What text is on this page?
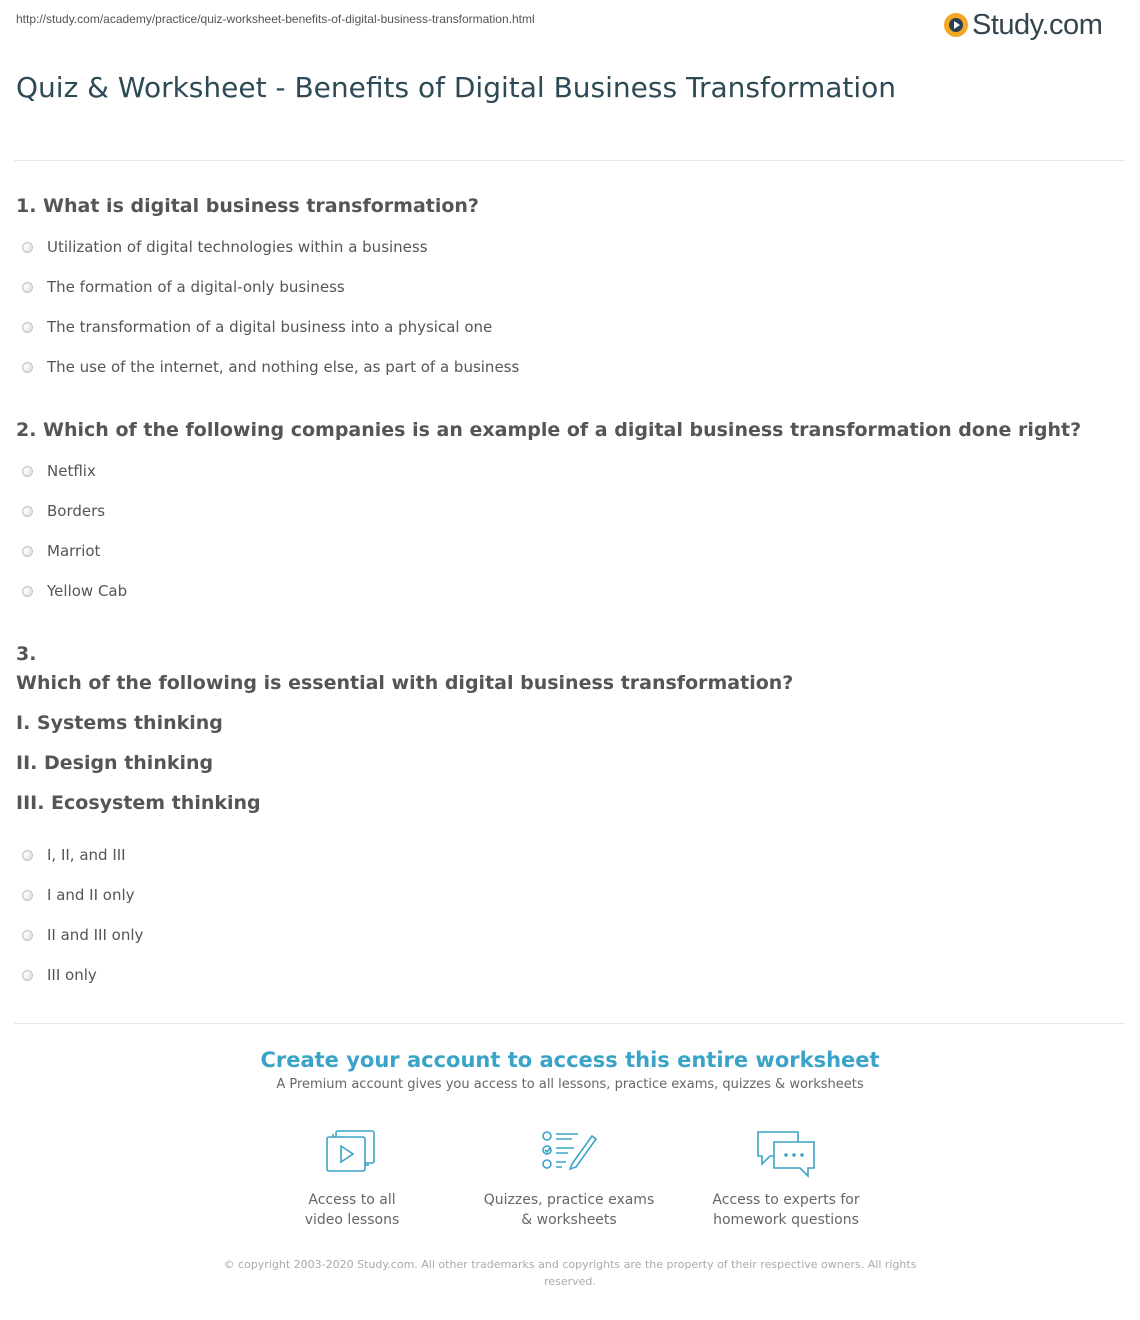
http://study.com/academy/practice/quiz-worksheet-benefits-of-digital-business-transformation.html	Study.com
Quiz & Worksheet - Benefits of Digital Business Transformation
1. What is digital business transformation?
Utilization of digital technologies within a business
The formation of a digital-only business
The transformation of a digital business into a physical one
The use of the internet, and nothing else, as part of a business
2. Which of the following companies is an example of a digital business transformation done right?
Netflix
Borders
Marriot
Yellow Cab
3.
Which of the following is essential with digital business transformation?
I. Systems thinking
II. Design thinking
III. Ecosystem thinking
I, II, and III
I and II only
II and III only
III only
Create your account to access this entire worksheet
A Premium account gives you access to all lessons, practice exams, quizzes & worksheets
Access to all
video lessons
Quizzes, practice exams
& worksheets
Access to experts for
homework questions
© copyright 2003-2020 Study.com. All other trademarks and copyrights are the property of their respective owners. All rights reserved.
